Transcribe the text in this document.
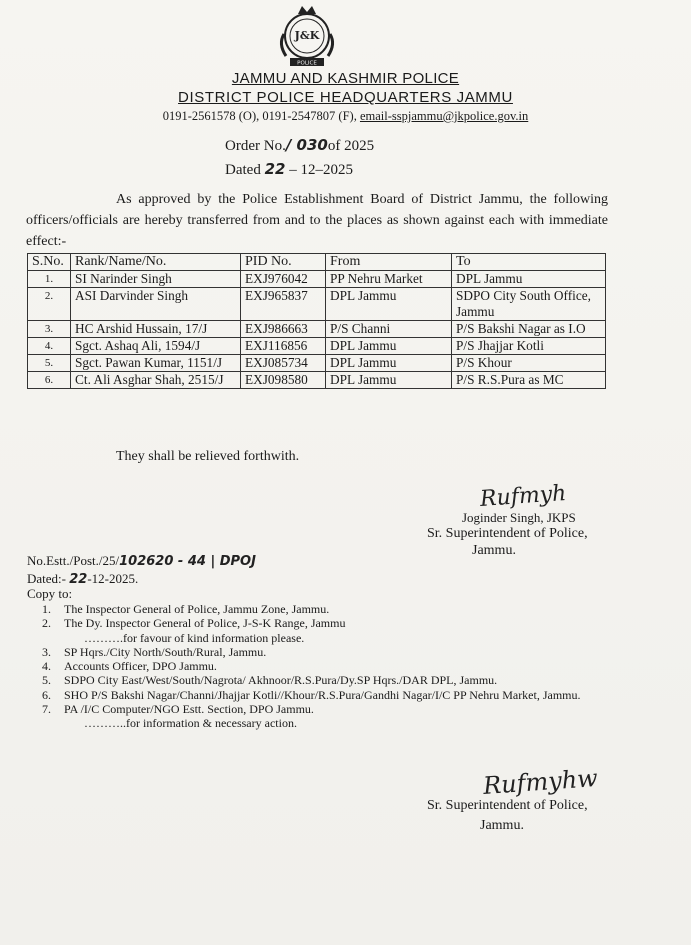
J&K
POLICE
JAMMU AND KASHMIR POLICE
DISTRICT POLICE HEADQUARTERS JAMMU
0191-2561578 (O), 0191-2547807 (F), email-sspjammu@jkpolice.gov.in
Order No./ 030of 2025
Dated 22 – 12–2025
As approved by the Police Establishment Board of District Jammu, the following officers/officials are hereby transferred from and to the places as shown against each with immediate effect:-
S.No.	Rank/Name/No.	PID No.	From	To
1.	SI Narinder Singh	EXJ976042	PP Nehru Market	DPL Jammu
2.	ASI Darvinder Singh	EXJ965837	DPL Jammu	SDPO City South Office, Jammu
3.	HC Arshid Hussain, 17/J	EXJ986663	P/S Channi	P/S Bakshi Nagar as I.O
4.	Sgct. Ashaq Ali, 1594/J	EXJ116856	DPL Jammu	P/S Jhajjar Kotli
5.	Sgct. Pawan Kumar, 1151/J	EXJ085734	DPL Jammu	P/S Khour
6.	Ct. Ali Asghar Shah, 2515/J	EXJ098580	DPL Jammu	P/S R.S.Pura as MC
They shall be relieved forthwith.
Rufmyh
Joginder Singh, JKPS
Sr. Superintendent of Police,
Jammu.
No.Estt./Post./25/102620 - 44 | DPOJ
Dated:- 22-12-2025.
Copy to:
1. The Inspector General of Police, Jammu Zone, Jammu.
2. The Dy. Inspector General of Police, J-S-K Range, Jammu
……….for favour of kind information please.
3. SP Hqrs./City North/South/Rural, Jammu.
4. Accounts Officer, DPO Jammu.
5. SDPO City East/West/South/Nagrota/ Akhnoor/R.S.Pura/Dy.SP Hqrs./DAR DPL, Jammu.
6. SHO P/S Bakshi Nagar/Channi/Jhajjar Kotli//Khour/R.S.Pura/Gandhi Nagar/I/C PP Nehru Market, Jammu.
7. PA /I/C Computer/NGO Estt. Section, DPO Jammu.
………..for information & necessary action.
Rufmyhw
Sr. Superintendent of Police,
Jammu.
